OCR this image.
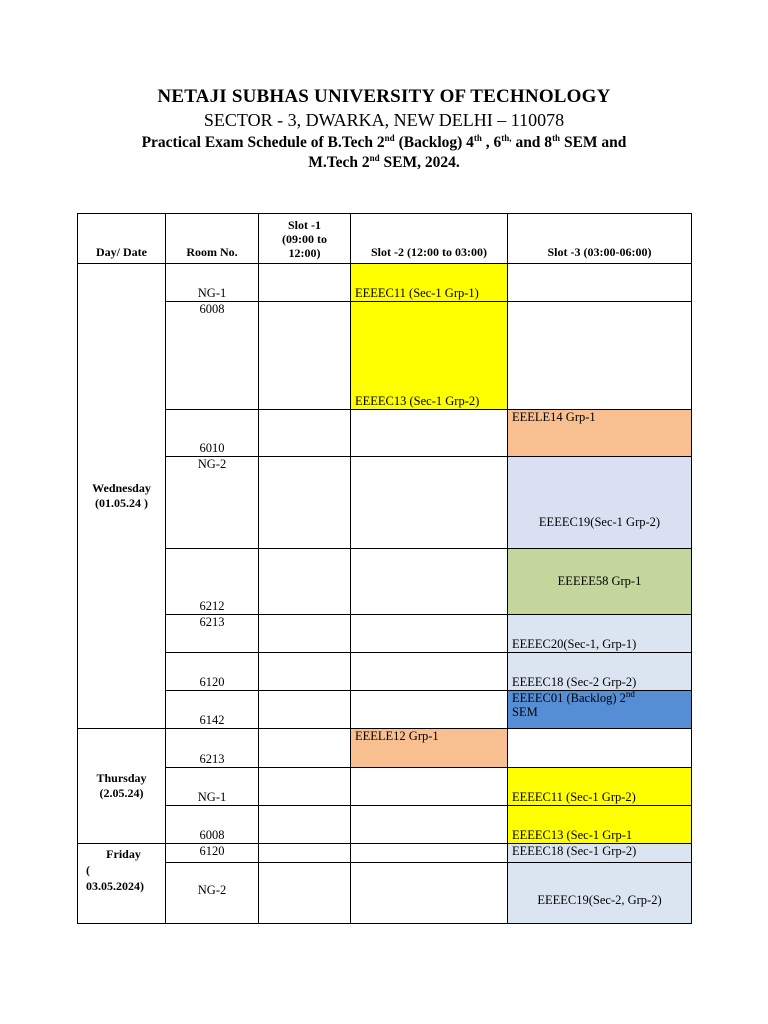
NETAJI SUBHAS UNIVERSITY OF TECHNOLOGY
SECTOR - 3, DWARKA, NEW DELHI – 110078
Practical Exam Schedule of B.Tech 2nd (Backlog) 4th , $6^{th,}$ and 8th SEM and
M.Tech 2nd SEM, 2024.
Day/ Date	Room No.	Slot -1
(09:00 to
12:00)	Slot -2 (12:00 to 03:00)	Slot -3 (03:00-06:00)
Wednesday
(01.05.24 )	NG-1		EEEEC11 (Sec-1 Grp-1)	
	6008		EEEEC13 (Sec-1 Grp-2)	
	6010			EEELE14 Grp-1
	NG-2			EEEEC19(Sec-1 Grp-2)
	6212			EEEEE58 Grp-1
	6213			EEEEC20(Sec-1, Grp-1)
	6120			EEEEC18 (Sec-2 Grp-2)
	6142			EEEEC01 (Backlog) 2nd
SEM
Thursday
(2.05.24)	6213		EEELE12 Grp-1	
	NG-1			EEEEC11 (Sec-1 Grp-2)
	6008			EEEEC13 (Sec-1 Grp-1

Friday
(
03.05.2024)	6120			EEEEC18 (Sec-1 Grp-2)
	NG-2			EEEEC19(Sec-2, Grp-2)
